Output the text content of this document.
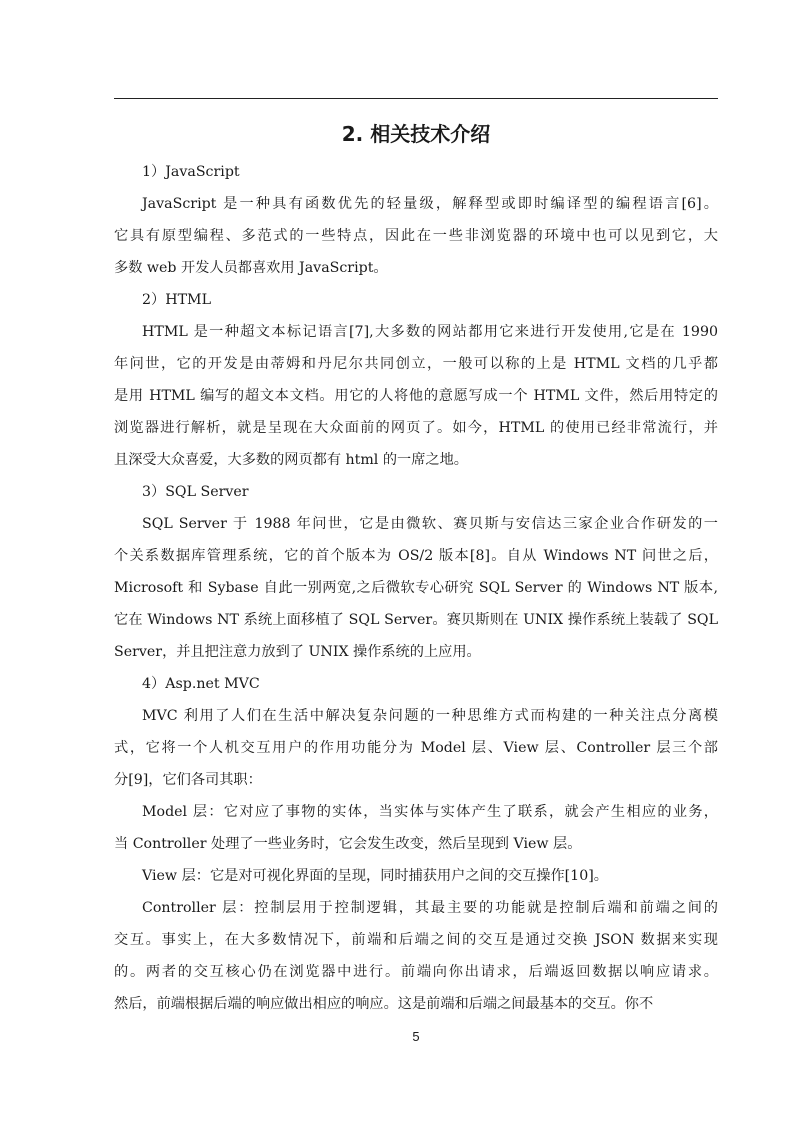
2. 相关技术介绍
1）JavaScript
JavaScript 是一种具有函数优先的轻量级，解释型或即时编译型的编程语言[6]。
它具有原型编程、多范式的一些特点，因此在一些非浏览器的环境中也可以见到它，大
多数 web 开发人员都喜欢用 JavaScript。
2）HTML
HTML 是一种超文本标记语言[7],大多数的网站都用它来进行开发使用,它是在 1990
年问世，它的开发是由蒂姆和丹尼尔共同创立，一般可以称的上是 HTML 文档的几乎都
是用 HTML 编写的超文本文档。用它的人将他的意愿写成一个 HTML 文件，然后用特定的
浏览器进行解析，就是呈现在大众面前的网页了。如今，HTML 的使用已经非常流行，并
且深受大众喜爱，大多数的网页都有 html 的一席之地。
3）SQL Server
SQL Server 于 1988 年问世，它是由微软、赛贝斯与安信达三家企业合作研发的一
个关系数据库管理系统，它的首个版本为 OS/2 版本[8]。自从 Windows NT 问世之后，
Microsoft 和 Sybase 自此一别两宽,之后微软专心研究 SQL Server 的 Windows NT 版本,
它在 Windows NT 系统上面移植了 SQL Server。赛贝斯则在 UNIX 操作系统上装载了 SQL
Server，并且把注意力放到了 UNIX 操作系统的上应用。
4）Asp.net MVC
MVC 利用了人们在生活中解决复杂问题的一种思维方式而构建的一种关注点分离模
式，它将一个人机交互用户的作用功能分为 Model 层、View 层、Controller 层三个部
分[9]，它们各司其职：
Model 层：它对应了事物的实体，当实体与实体产生了联系，就会产生相应的业务，
当 Controller 处理了一些业务时，它会发生改变，然后呈现到 View 层。
View 层：它是对可视化界面的呈现，同时捕获用户之间的交互操作[10]。
Controller 层：控制层用于控制逻辑，其最主要的功能就是控制后端和前端之间的
交互。事实上，在大多数情况下，前端和后端之间的交互是通过交换 JSON 数据来实现
的。两者的交互核心仍在浏览器中进行。前端向你出请求，后端返回数据以响应请求。
然后，前端根据后端的响应做出相应的响应。这是前端和后端之间最基本的交互。你不
5
